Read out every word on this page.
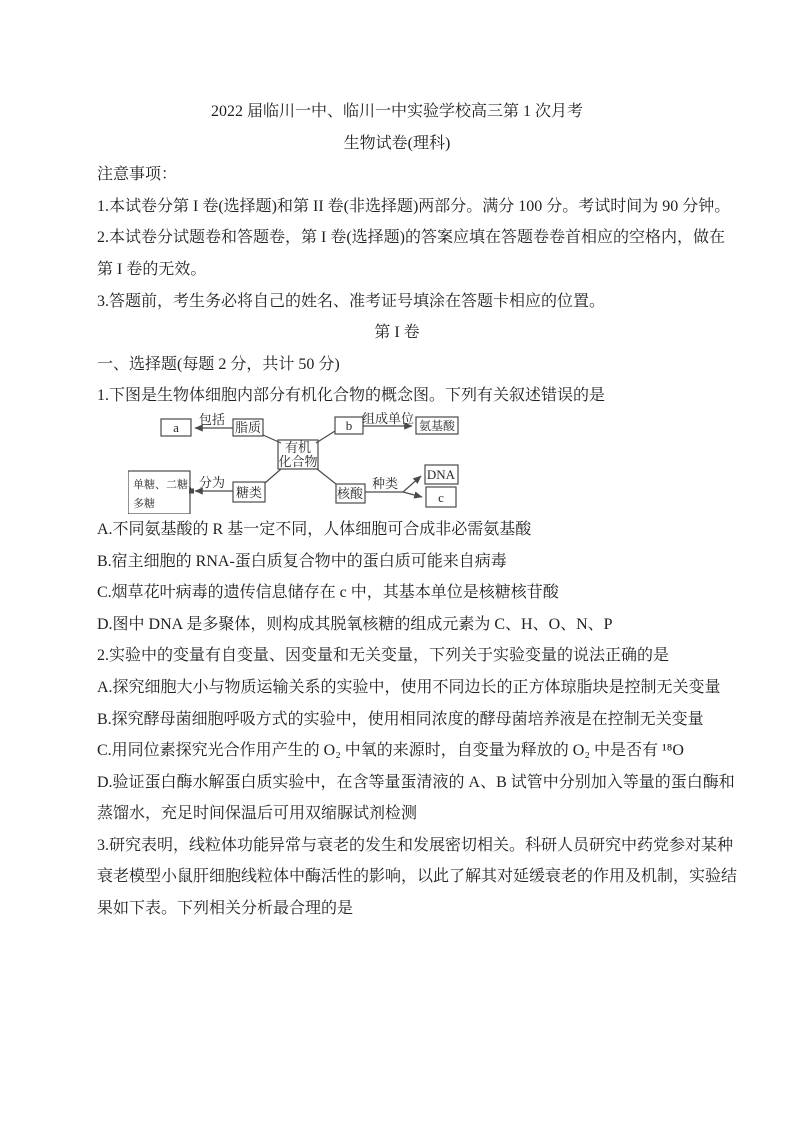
2022 届临川一中、临川一中实验学校高三第 1 次月考
生物试卷(理科)
注意事项：
1.本试卷分第 I 卷(选择题)和第 II 卷(非选择题)两部分。满分 100 分。考试时间为 90 分钟。
2.本试卷分试题卷和答题卷，第 I 卷(选择题)的答案应填在答题卷卷首相应的空格内，做在
第 I 卷的无效。
3.答题前，考生务必将自己的姓名、准考证号填涂在答题卡相应的位置。
第 I 卷
一、选择题(每题 2 分，共计 50 分)
1.下图是生物体细胞内部分有机化合物的概念图。下列有关叙述错误的是
a	脂质
有机
化合物
b	氨基酸
单糖、二糖、
多糖
糖类	核酸
DNA
c
包括	组成单位
分为	种类
A.不同氨基酸的 R 基一定不同，人体细胞可合成非必需氨基酸
B.宿主细胞的 RNA-蛋白质复合物中的蛋白质可能来自病毒
C.烟草花叶病毒的遗传信息储存在 c 中，其基本单位是核糖核苷酸
D.图中 DNA 是多聚体，则构成其脱氧核糖的组成元素为 C、H、O、N、P
2.实验中的变量有自变量、因变量和无关变量，下列关于实验变量的说法正确的是
A.探究细胞大小与物质运输关系的实验中，使用不同边长的正方体琼脂块是控制无关变量
B.探究酵母菌细胞呼吸方式的实验中，使用相同浓度的酵母菌培养液是在控制无关变量
C.用同位素探究光合作用产生的 O₂ 中氧的来源时，自变量为释放的 O₂ 中是否有 ¹⁸O
D.验证蛋白酶水解蛋白质实验中，在含等量蛋清液的 A、B 试管中分别加入等量的蛋白酶和
蒸馏水，充足时间保温后可用双缩脲试剂检测
3.研究表明，线粒体功能异常与衰老的发生和发展密切相关。科研人员研究中药党参对某种
衰老模型小鼠肝细胞线粒体中酶活性的影响，以此了解其对延缓衰老的作用及机制，实验结
果如下表。下列相关分析最合理的是
